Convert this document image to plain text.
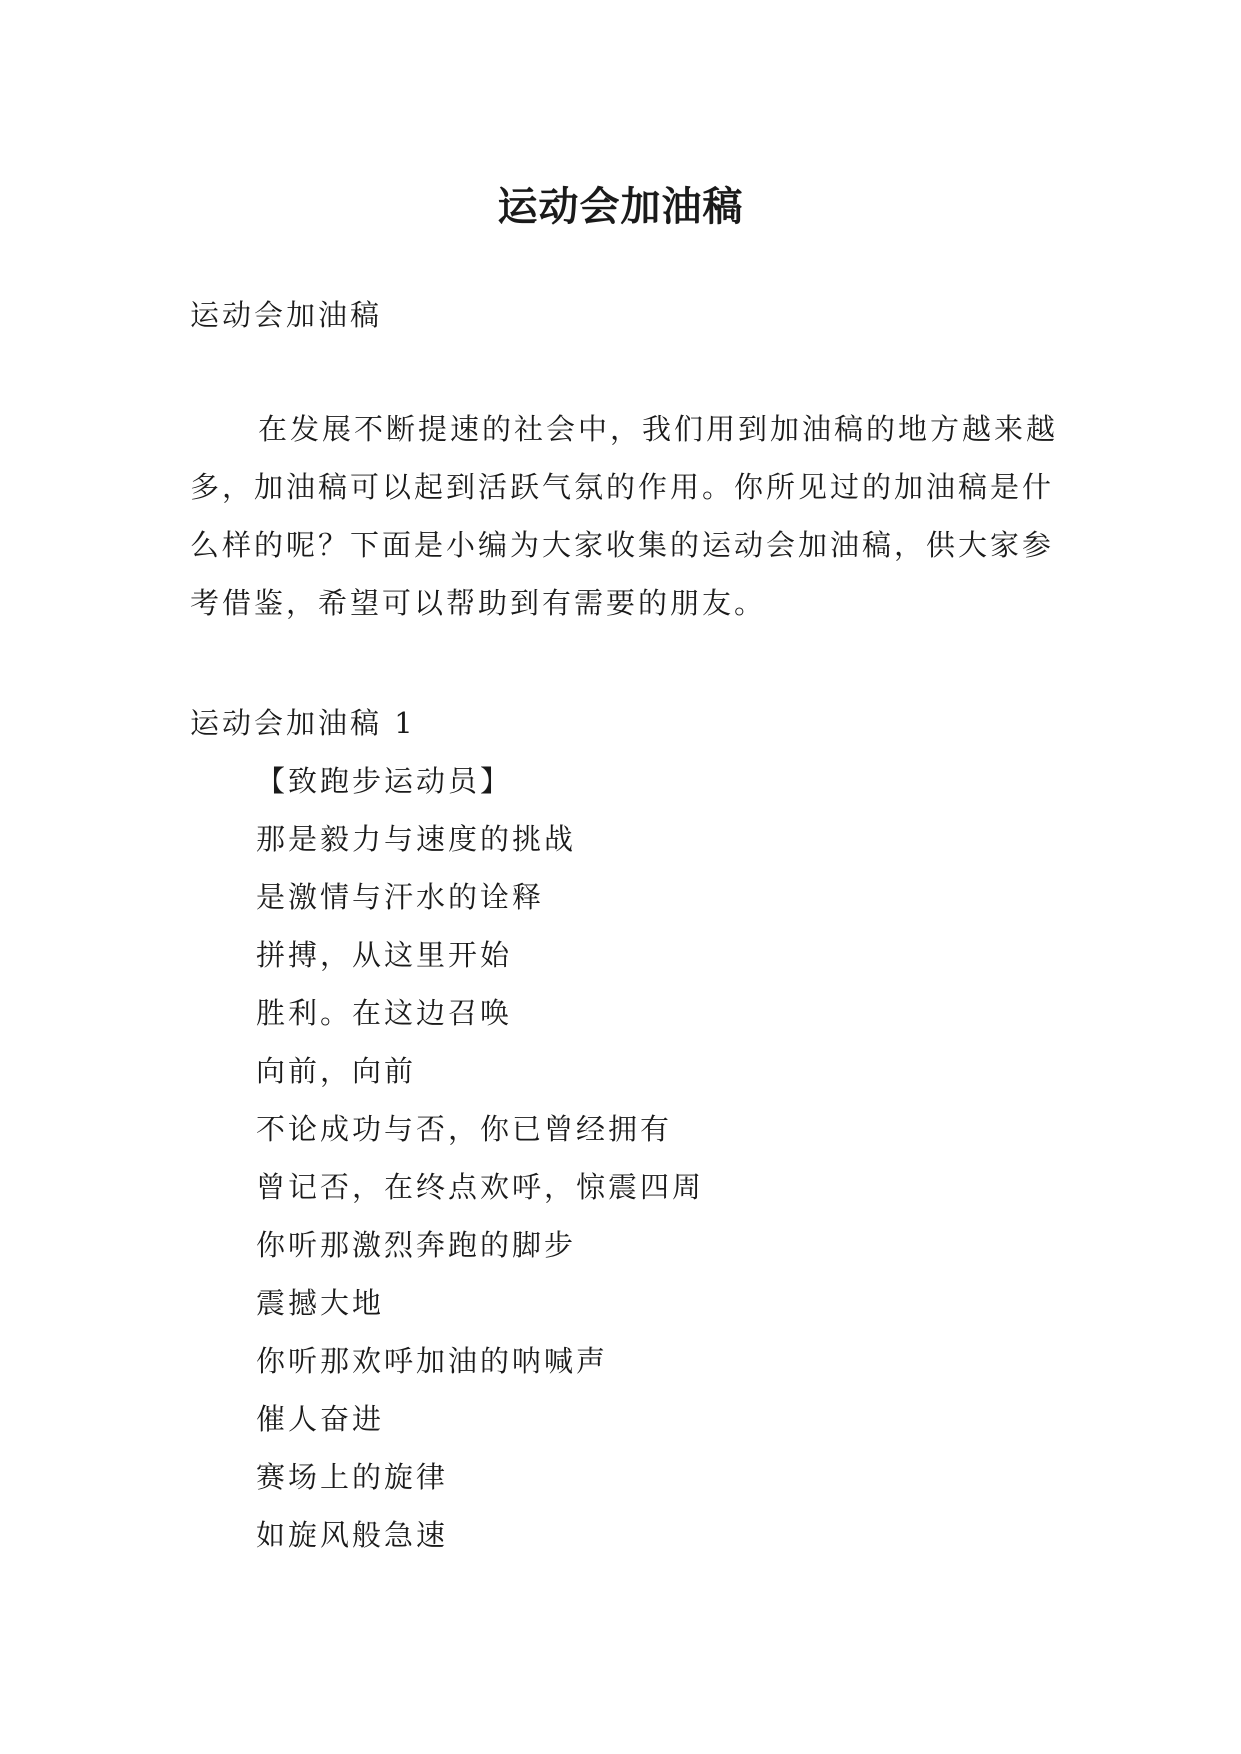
运动会加油稿

运动会加油稿

在发展不断提速的社会中，我们用到加油稿的地方越来越多，加油稿可以起到活跃气氛的作用。你所见过的加油稿是什么样的呢？下面是小编为大家收集的运动会加油稿，供大家参考借鉴，希望可以帮助到有需要的朋友。

运动会加油稿 1

【致跑步运动员】
那是毅力与速度的挑战
是激情与汗水的诠释
拼搏，从这里开始
胜利。在这边召唤
向前，向前
不论成功与否，你已曾经拥有
曾记否，在终点欢呼，惊震四周
你听那激烈奔跑的脚步
震撼大地
你听那欢呼加油的呐喊声
催人奋进
赛场上的旋律
如旋风般急速
